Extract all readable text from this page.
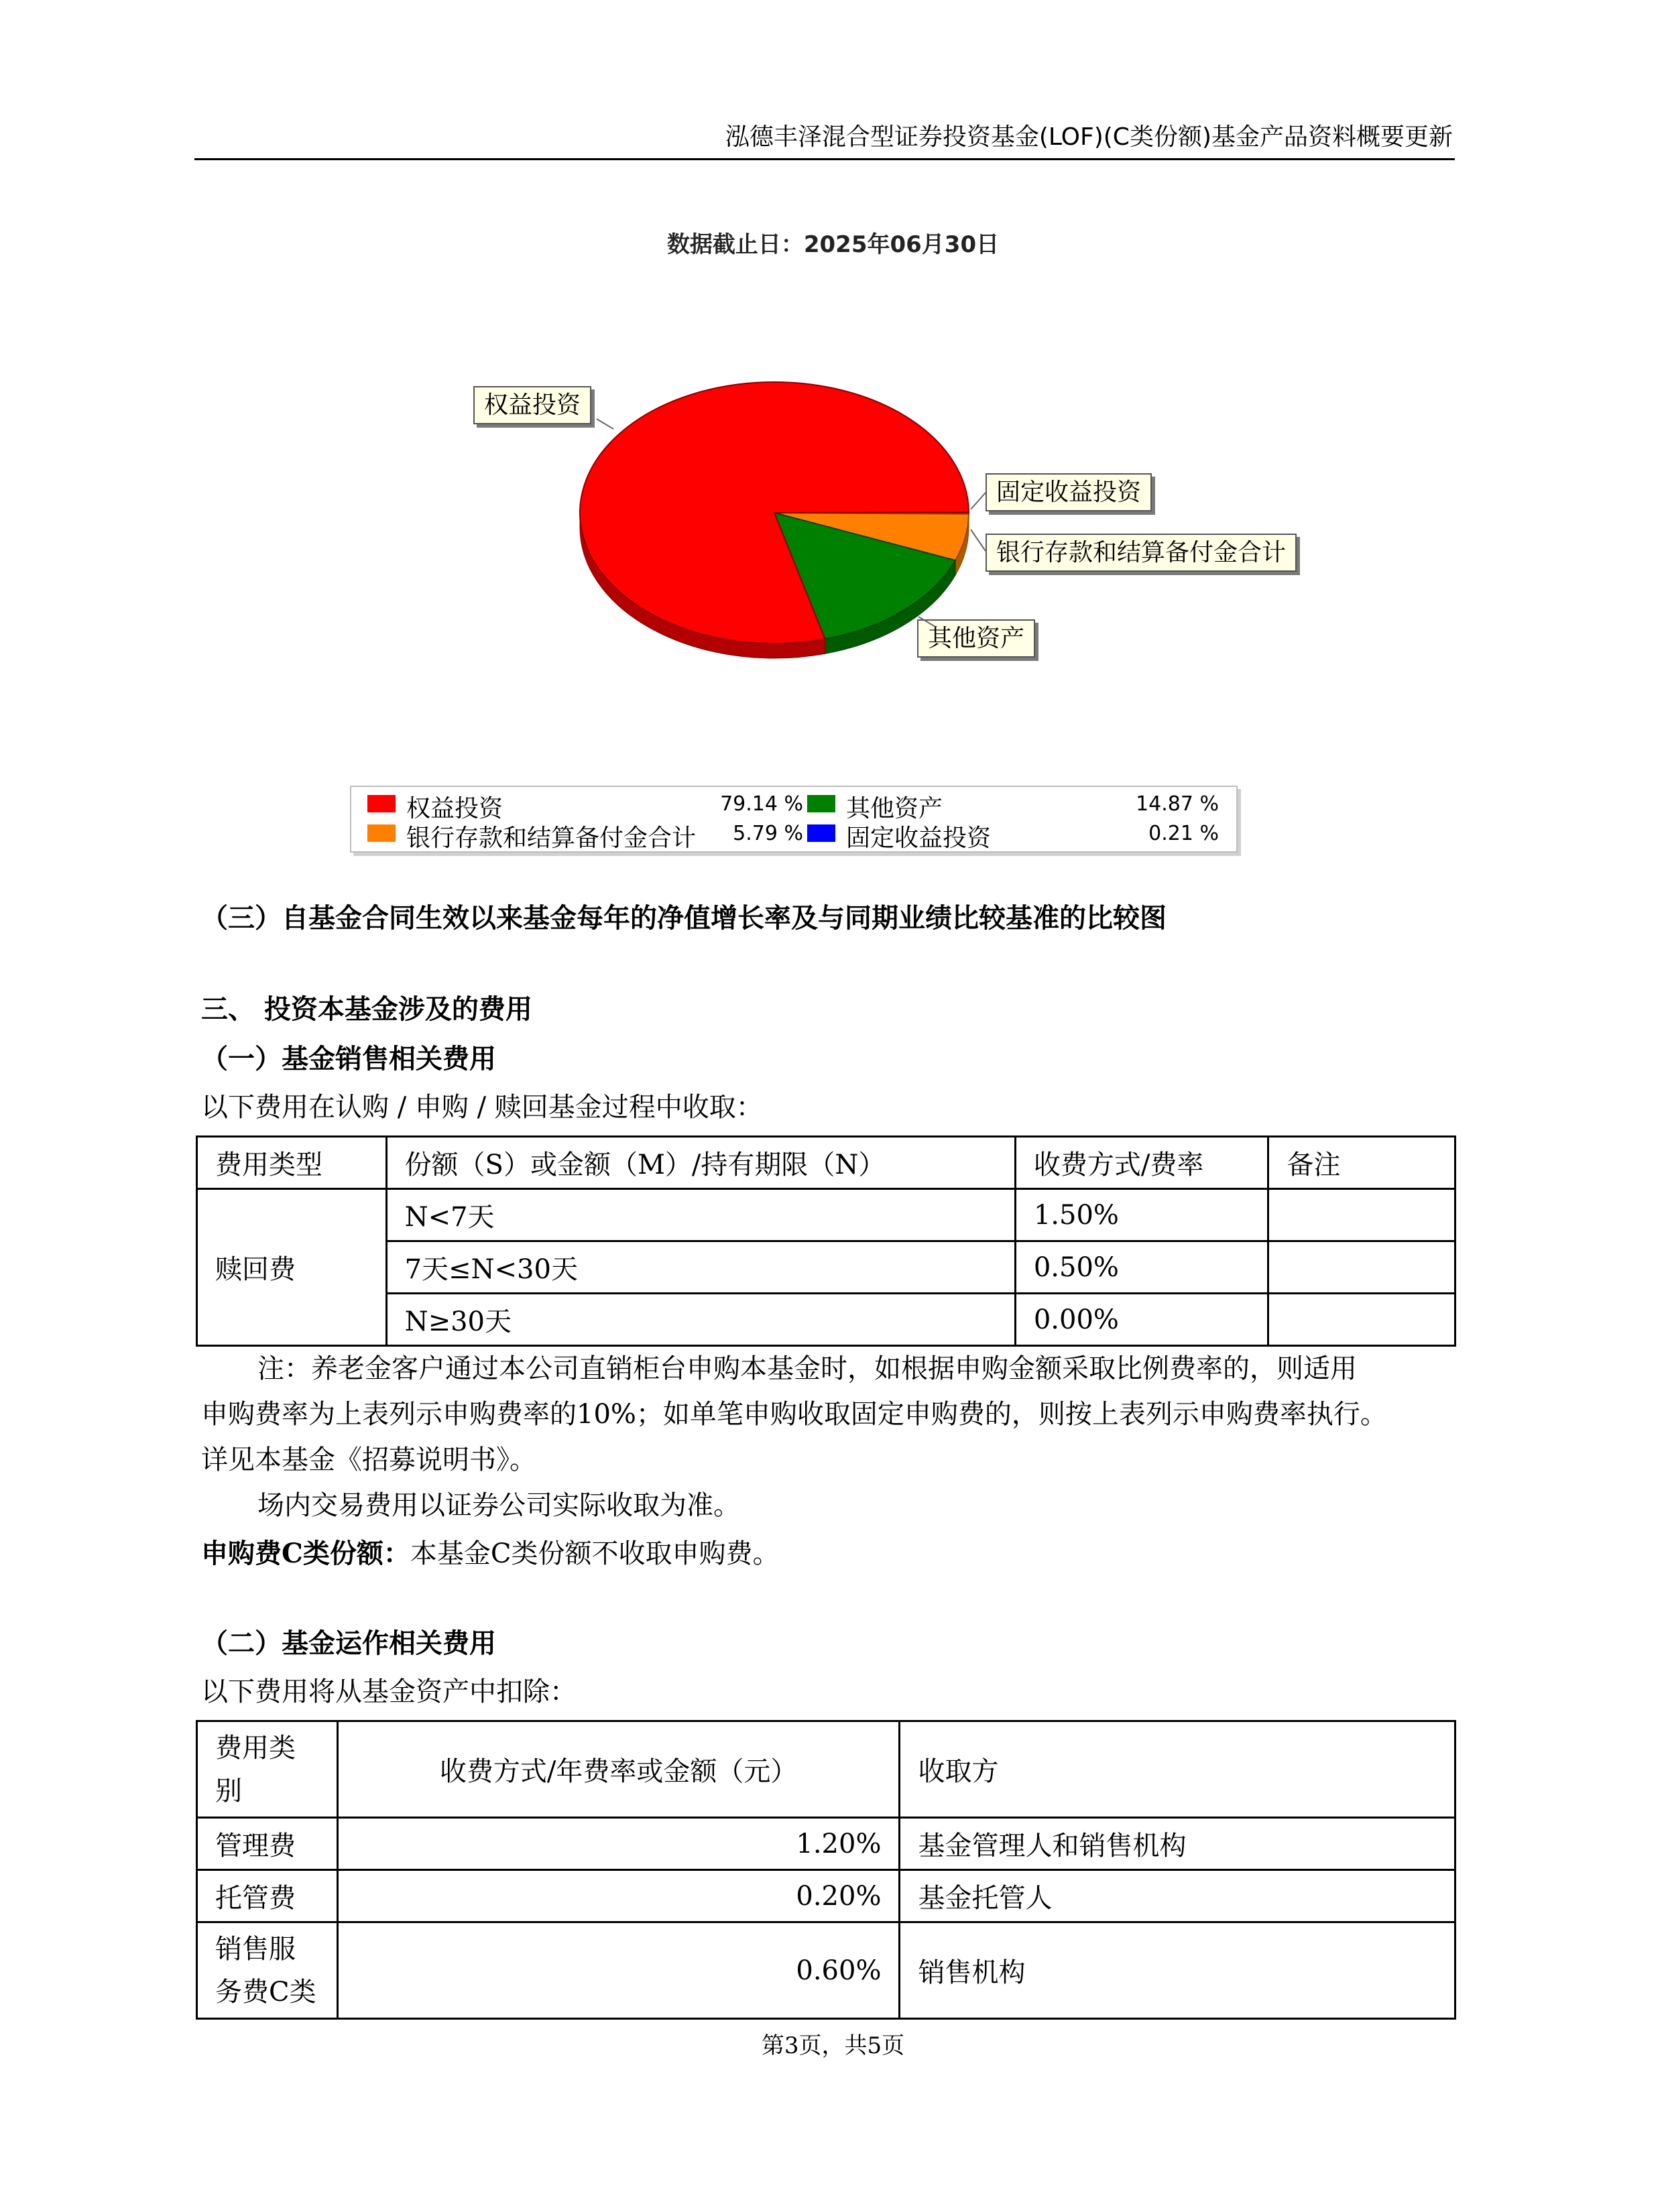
泓德丰泽混合型证券投资基金(LOF)(C类份额)基金产品资料概要更新
数据截止日：2025年06月30日
权益投资
固定收益投资
银行存款和结算备付金合计
其他资产
权益投资	79.14 %
银行存款和结算备付金合计 5.79 %
其他资产	14.87 %
固定收益投资	0.21 %
（三）自基金合同生效以来基金每年的净值增长率及与同期业绩比较基准的比较图
三、 投资本基金涉及的费用
（一）基金销售相关费用
以下费用在认购 / 申购 / 赎回基金过程中收取：
费用类型	份额（S）或金额（M）/持有期限（N）	收费方式/费率	备注
赎回费	N<7天	1.50%	
	7天≤N<30天	0.50%	
	N≥30天	0.00%	
注：养老金客户通过本公司直销柜台申购本基金时，如根据申购金额采取比例费率的，则适用
申购费率为上表列示申购费率的10%；如单笔申购收取固定申购费的，则按上表列示申购费率执行。
详见本基金《招募说明书》。
场内交易费用以证券公司实际收取为准。
申购费C类份额：本基金C类份额不收取申购费。
（二）基金运作相关费用
以下费用将从基金资产中扣除：
费用类
别	收费方式/年费率或金额（元）	收取方
管理费	1.20%	基金管理人和销售机构
托管费	0.20%	基金托管人

销售服
务费C类	0.60%	销售机构
第3页，共5页
